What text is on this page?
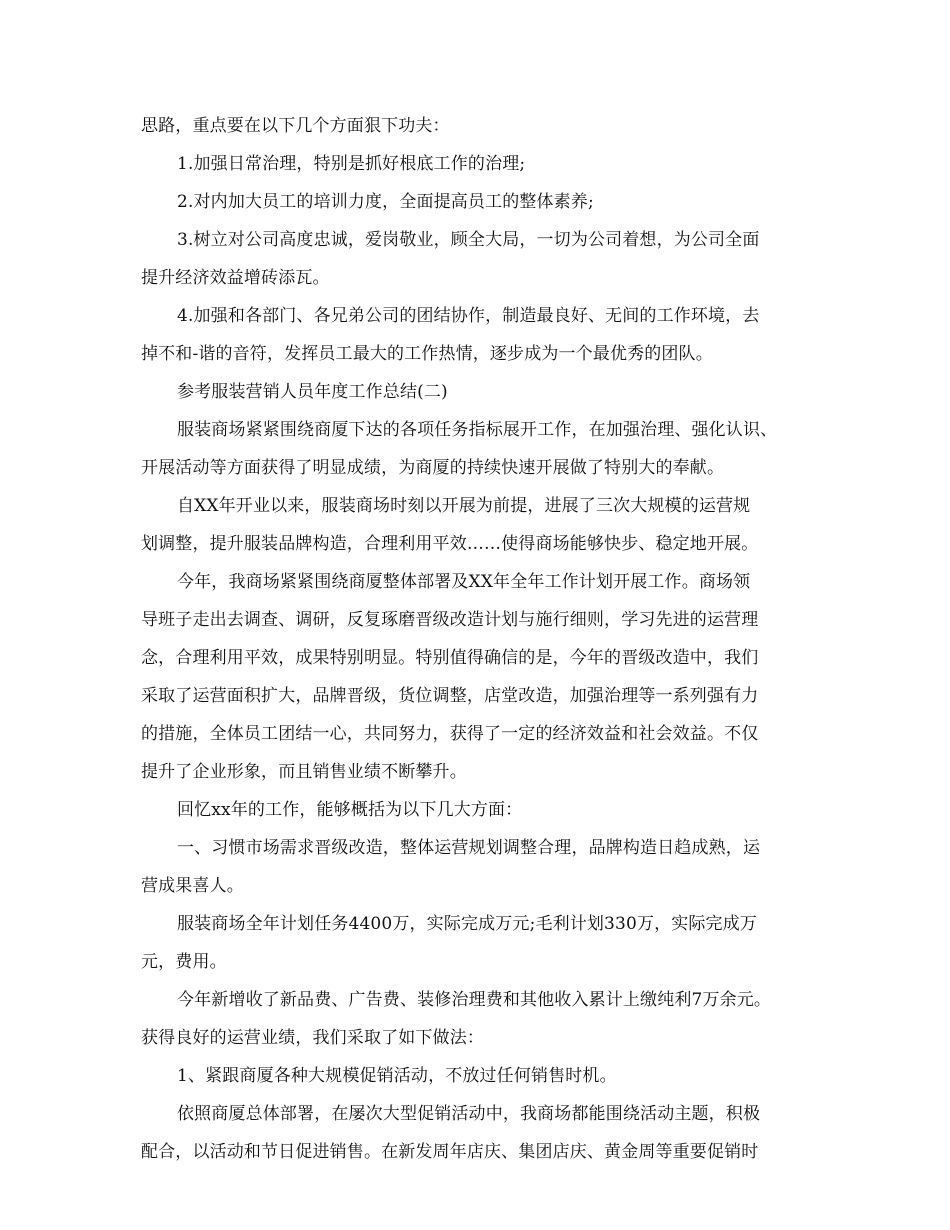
思路，重点要在以下几个方面狠下功夫：
1.加强日常治理，特别是抓好根底工作的治理;
2.对内加大员工的培训力度，全面提高员工的整体素养;
3.树立对公司高度忠诚，爱岗敬业，顾全大局，一切为公司着想，为公司全面
提升经济效益增砖添瓦。
4.加强和各部门、各兄弟公司的团结协作，制造最良好、无间的工作环境，去
掉不和-谐的音符，发挥员工最大的工作热情，逐步成为一个最优秀的团队。
参考服装营销人员年度工作总结(二)
服装商场紧紧围绕商厦下达的各项任务指标展开工作，在加强治理、强化认识、
开展活动等方面获得了明显成绩，为商厦的持续快速开展做了特别大的奉献。
自XX年开业以来，服装商场时刻以开展为前提，进展了三次大规模的运营规
划调整，提升服装品牌构造，合理利用平效……使得商场能够快步、稳定地开展。
今年，我商场紧紧围绕商厦整体部署及XX年全年工作计划开展工作。商场领
导班子走出去调查、调研，反复琢磨晋级改造计划与施行细则，学习先进的运营理
念，合理利用平效，成果特别明显。特别值得确信的是，今年的晋级改造中，我们
采取了运营面积扩大，品牌晋级，货位调整，店堂改造，加强治理等一系列强有力
的措施，全体员工团结一心，共同努力，获得了一定的经济效益和社会效益。不仅
提升了企业形象，而且销售业绩不断攀升。
回忆xx年的工作，能够概括为以下几大方面：
一、习惯市场需求晋级改造，整体运营规划调整合理，品牌构造日趋成熟，运
营成果喜人。
服装商场全年计划任务4400万，实际完成万元;毛利计划330万，实际完成万
元，费用。
今年新增收了新品费、广告费、装修治理费和其他收入累计上缴纯利7万余元。
获得良好的运营业绩，我们采取了如下做法：
1、紧跟商厦各种大规模促销活动，不放过任何销售时机。
依照商厦总体部署，在屡次大型促销活动中，我商场都能围绕活动主题，积极
配合，以活动和节日促进销售。在新发周年店庆、集团店庆、黄金周等重要促销时
